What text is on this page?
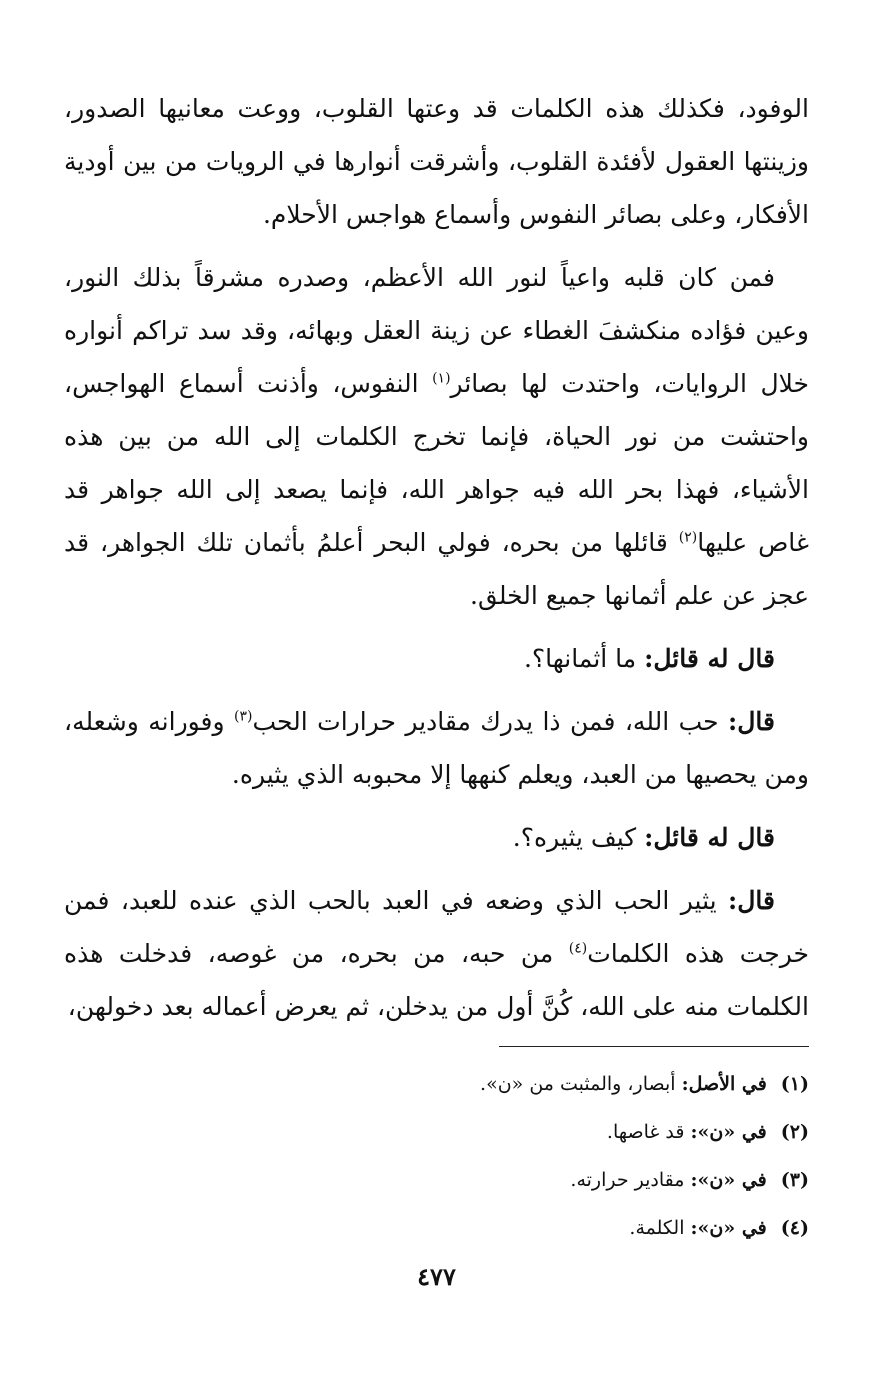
الوفود، فكذلك هذه الكلمات قد وعتها القلوب، ووعت معانيها الصدور، وزينتها العقول لأفئدة القلوب، وأشرقت أنوارها في الرويات من بين أودية الأفكار، وعلى بصائر النفوس وأسماع هواجس الأحلام.

فمن كان قلبه واعياً لنور الله الأعظم، وصدره مشرقاً بذلك النور، وعين فؤاده منكشفَ الغطاء عن زينة العقل وبهائه، وقد سد تراكم أنواره خلال الروايات، واحتدت لها بصائر$^{(١)}$ النفوس، وأذنت أسماع الهواجس، واحتشت من نور الحياة، فإنما تخرج الكلمات إلى الله من بين هذه الأشياء، فهذا بحر الله فيه جواهر الله، فإنما يصعد إلى الله جواهر قد غاص عليها$^{(٢)}$ قائلها من بحره، فولي البحر أعلمُ بأثمان تلك الجواهر، قد عجز عن علم أثمانها جميع الخلق.

قال له قائل: ما أثمانها؟.

قال: حب الله، فمن ذا يدرك مقادير حرارات الحب$^{(٣)}$ وفورانه وشعله، ومن يحصيها من العبد، ويعلم كنهها إلا محبوبه الذي يثيره.

قال له قائل: كيف يثيره؟.

قال: يثير الحب الذي وضعه في العبد بالحب الذي عنده للعبد، فمن خرجت هذه الكلمات$^{(٤)}$ من حبه، من بحره، من غوصه، فدخلت هذه الكلمات منه على الله، كُنَّ أول من يدخلن، ثم يعرض أعماله بعد دخولهن،

(١)
في الأصل: أبصار، والمثبت من «ن».
(٢)
في «ن»: قد غاصها.
(٣)
في «ن»: مقادير حرارته.
(٤)
في «ن»: الكلمة.
٤٧٧
